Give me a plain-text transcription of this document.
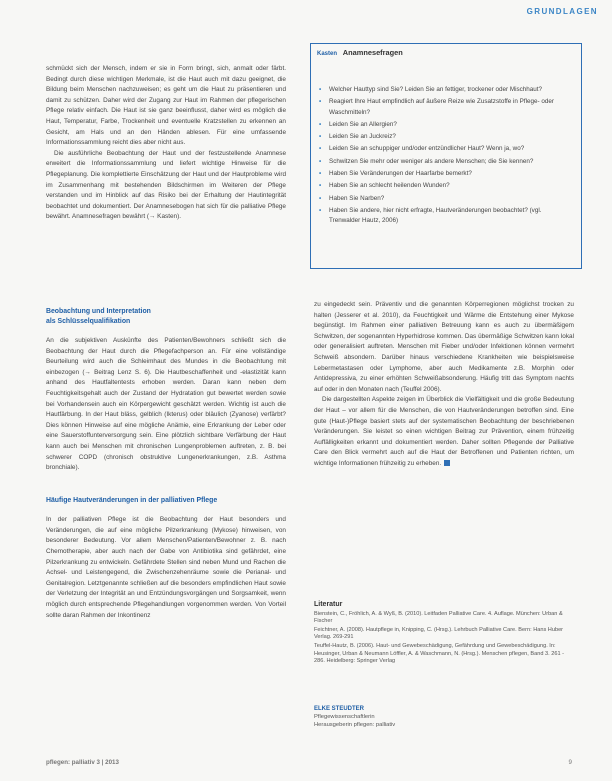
GRUNDLAGEN

schmückt sich der Mensch, indem er sie in Form bringt, sich, anmalt oder färbt. Bedingt durch diese wichtigen Merkmale, ist die Haut auch mit dazu geeignet, die Bildung beim Menschen nachzuweisen; es geht um die Haut zu präsentieren und damit zu schützen. Daher wird der Zugang zur Haut im Rahmen der pflegerischen Pflege relativ einfach. Die Haut ist sie ganz beeinflusst, daher wird es möglich die Haut, Temperatur, Farbe, Trockenheit und eventuelle Kratzstellen zu erkennen an Gesicht, am Hals und an den Händen ablesen. Für eine umfassende Informationssammlung reicht dies aber nicht aus.

Die ausführliche Beobachtung der Haut und der festzustellende Anamnese erweitert die Informationssammlung und liefert wichtige Hinweise für die Pflegeplanung. Die komplettierte Einschätzung der Haut und der Hautprobleme wird im Zusammenhang mit bestehenden Bildschirmen im Weiteren der Pflege verstanden und im Hinblick auf das Risiko bei der Erhaltung der Hautintegrität beobachtet und dokumentiert. Der Anamnesebogen hat sich für die palliative Pflege bewährt. Anamnesefragen bewährt (→ Kasten).

Kasten Anamnesefragen
• Welcher Hauttyp sind Sie? Leiden Sie an fettiger, trockener oder Mischhaut?
• Reagiert Ihre Haut empfindlich auf äußere Reize wie Zusatzstoffe in Pflege- oder Waschmitteln?
• Leiden Sie an Allergien?
• Leiden Sie an Juckreiz?
• Leiden Sie an schuppiger und/oder entzündlicher Haut? Wenn ja, wo?
• Schwitzen Sie mehr oder weniger als andere Menschen; die Sie kennen?
• Haben Sie Veränderungen der Haarfarbe bemerkt?
• Haben Sie an schlecht heilenden Wunden?
• Haben Sie Narben?
• Haben Sie andere, hier nicht erfragte, Hautveränderungen beobachtet? (vgl. Trenwalder Hautz, 2006)
Beobachtung und Interpretation
als Schlüsselqualifikation

An die subjektiven Auskünfte des Patienten/Bewohners schließt sich die Beobachtung der Haut durch die Pflegefachperson an. Für eine vollständige Beurteilung wird auch die Schleimhaut des Mundes in die Beobachtung mit einbezogen (→ Beitrag Lenz S. 6). Die Hautbeschaffenheit und -elastizität kann anhand des Hautfaltentests erhoben werden. Daran kann neben dem Feuchtigkeitsgehalt auch der Zustand der Hydratation gut bewertet werden sowie bei Vorhandensein auch ein Körpergewicht geschätzt werden. Wichtig ist auch die Hautfärbung. In der Haut bläss, gelblich (Ikterus) oder bläulich (Zyanose) verfärbt? Dies können Hinweise auf eine mögliche Anämie, eine Erkrankung der Leber oder eine Sauerstoffunterversorgung sein. Eine plötzlich sichtbare Verfärbung der Haut kann auch bei Menschen mit chronischen Lungenproblemen auftreten, z. B. bei schwerer COPD (chronisch obstruktive Lungenerkrankungen, z.B. Asthma bronchiale).

Häufige Hautveränderungen in der palliativen Pflege

In der palliativen Pflege ist die Beobachtung der Haut besonders und Veränderungen, die auf eine mögliche Pilzerkrankung (Mykose) hinweisen, von besonderer Bedeutung. Vor allem Menschen/Patienten/Bewohner z. B. nach Chemotherapie, aber auch nach der Gabe von Antibiotika sind gefährdet, eine Pilzerkrankung zu entwickeln. Gefährdete Stellen sind neben Mund und Rachen die Achsel- und Leistengegend, die Zwischenzehenräume sowie die Perianal- und Genitalregion. Letztgenannte schließen auf die besonders empfindlichen Haut sowie der Verletzung der Integrität an und Entzündungsvorgängen und Sorgsamkeit, wenn möglich durch entsprechende Pflegehandlungen vorgenommen werden. Von Vorteil sollte daran Rahmen der Inkontinenz

zu eingedeckt sein. Präventiv und die genannten Körperregionen möglichst trocken zu halten (Jesserer et al. 2010), da Feuchtigkeit und Wärme die Entstehung einer Mykose begünstigt. Im Rahmen einer palliativen Betreuung kann es auch zu übermäßigem Schwitzen, der sogenannten Hyperhidrose kommen. Das übermäßige Schwitzen kann lokal oder generalisiert auftreten. Menschen mit Fieber und/oder Infektionen können vermehrt Schweiß absondern. Darüber hinaus verschiedene Krankheiten wie beispielsweise Lebermetastasen oder Lymphome, aber auch Medikamente z.B. Morphin oder Antidepressiva, zu einer erhöhten Schweißabsonderung. Häufig tritt das Symptom nachts auf oder in den Monaten nach (Teuffel 2006).

Die dargestellten Aspekte zeigen im Überblick die Vielfältigkeit und die große Bedeutung der Haut – vor allem für die Menschen, die von Hautveränderungen betroffen sind. Eine gute (Haut-)Pflege basiert stets auf der systematischen Beobachtung der beschriebenen Veränderungen. Sie leistet so einen wichtigen Beitrag zur Prävention, einem frühzeitig Auffälligkeiten erkannt und dokumentiert werden. Daher sollten Pflegende der Palliative Care den Blick vermehrt auch auf die Haut der Betroffenen und Patienten richten, um wichtige Informationen frühzeitig zu erheben.

Literatur
Bienstein, C., Fröhlich, A. & Wyß, B. (2010). Leitfaden Palliative Care. 4. Auflage. München: Urban & Fischer
Feichtner, A. (2008). Hautpflege in, Knipping, C. (Hrsg.). Lehrbuch Palliative Care. Bern: Hans Huber Verlag. 269-291
Teuffel-Hautz, B. (2006). Haut- und Gewebeschädigung, Gefährdung und Gewebeschädigung. In: Heusinger, Urban & Neumann Löffler, A. & Waschmann, N. (Hrsg.). Menschen pflegen, Band 3. 261 - 286. Heidelberg: Springer Verlag
ELKE STEUDTER
Pflegewissenschaftlerin
Herausgeberin pflegen: palliativ
pflegen: palliativ 3 | 2013	9
